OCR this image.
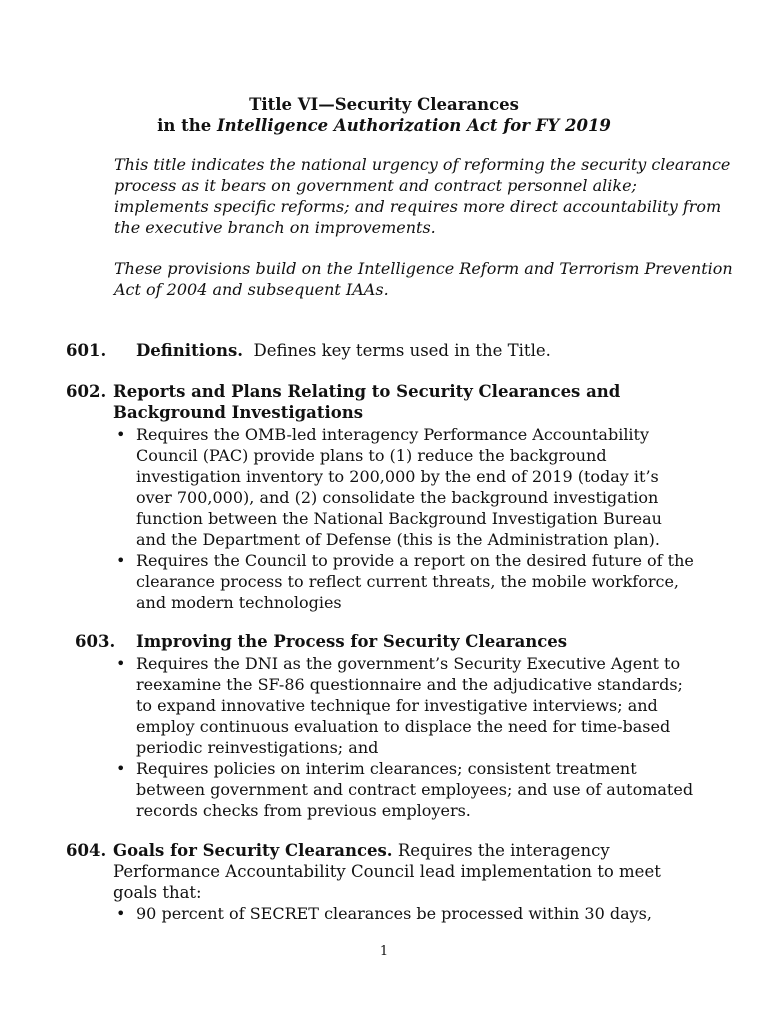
Title VI—Security Clearances
in the Intelligence Authorization Act for FY 2019
This title indicates the national urgency of reforming the security clearance process as it bears on government and contract personnel alike; implements specific reforms; and requires more direct accountability from the executive branch on improvements.
These provisions build on the Intelligence Reform and Terrorism Prevention Act of 2004 and subsequent IAAs.
601. Definitions. Defines key terms used in the Title.
602. Reports and Plans Relating to Security Clearances and Background Investigations
• Requires the OMB-led interagency Performance Accountability Council (PAC) provide plans to (1) reduce the background investigation inventory to 200,000 by the end of 2019 (today it’s over 700,000), and (2) consolidate the background investigation function between the National Background Investigation Bureau and the Department of Defense (this is the Administration plan).
• Requires the Council to provide a report on the desired future of the clearance process to reflect current threats, the mobile workforce, and modern technologies
603. Improving the Process for Security Clearances
• Requires the DNI as the government’s Security Executive Agent to reexamine the SF-86 questionnaire and the adjudicative standards; to expand innovative technique for investigative interviews; and employ continuous evaluation to displace the need for time-based periodic reinvestigations; and
• Requires policies on interim clearances; consistent treatment between government and contract employees; and use of automated records checks from previous employers.
604. Goals for Security Clearances. Requires the interagency Performance Accountability Council lead implementation to meet goals that:
• 90 percent of SECRET clearances be processed within 30 days,
1
